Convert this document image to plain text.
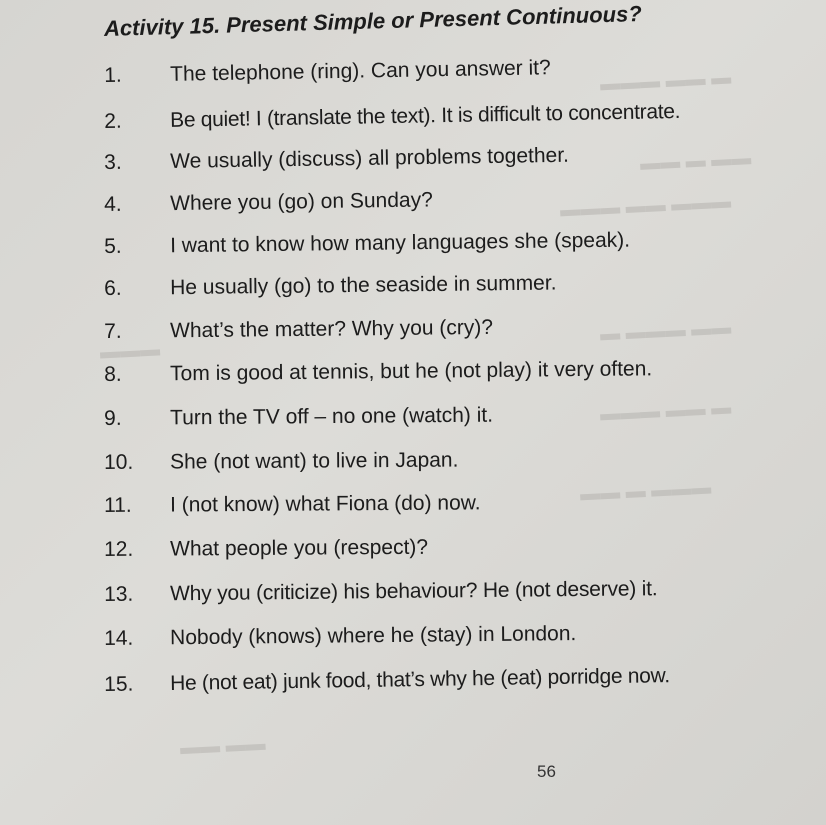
▬ ▬▬ ▬▬▬
▬▬ ▬ ▬▬
▬▬▬ ▬▬ ▬▬▬
▬▬ ▬▬▬ ▬
▬ ▬▬ ▬▬▬
▬▬▬ ▬ ▬▬
▬▬▬
▬▬ ▬▬
Activity 15. Present Simple or Present Continuous?
1. The telephone (ring). Can you answer it?
2. Be quiet! I (translate the text). It is difficult to concentrate.
3. We usually (discuss) all problems together.
4. Where you (go) on Sunday?
5. I want to know how many languages she (speak).
6. He usually (go) to the seaside in summer.
7. What’s the matter? Why you (cry)?
8. Tom is good at tennis, but he (not play) it very often.
9. Turn the TV off – no one (watch) it.
10. She (not want) to live in Japan.
11. I (not know) what Fiona (do) now.
12. What people you (respect)?
13. Why you (criticize) his behaviour? He (not deserve) it.
14. Nobody (knows) where he (stay) in London.
15. He (not eat) junk food, that’s why he (eat) porridge now.
56
